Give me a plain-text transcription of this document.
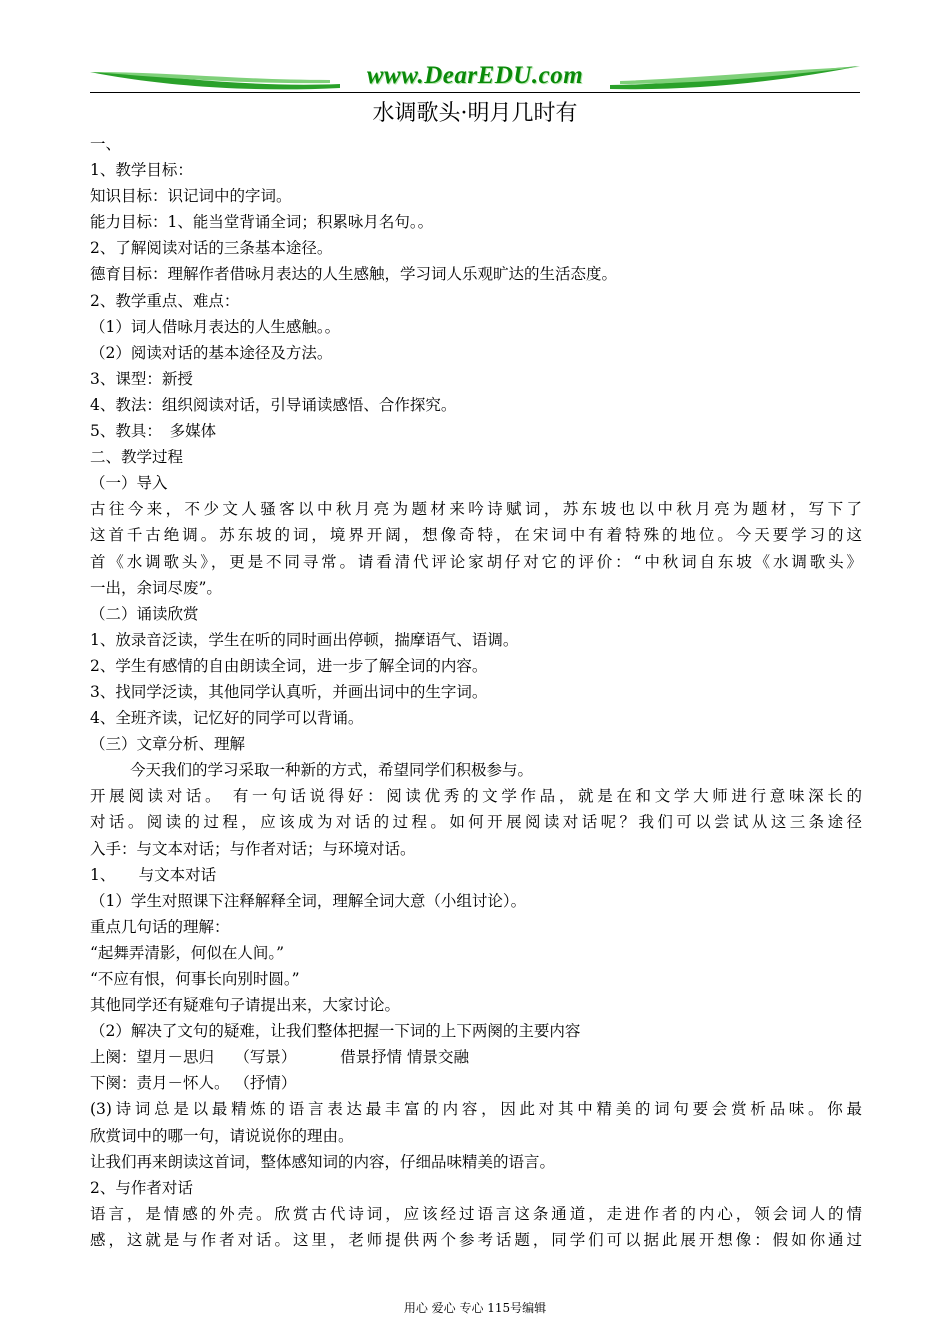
www.DearEDU.com
水调歌头·明月几时有
一、
1、教学目标：
知识目标：识记词中的字词。
能力目标：1、能当堂背诵全词；积累咏月名句。。
2、了解阅读对话的三条基本途径。
德育目标：理解作者借咏月表达的人生感触，学习词人乐观旷达的生活态度。
2、教学重点、难点：
（1）词人借咏月表达的人生感触。。
（2）阅读对话的基本途径及方法。
3、课型：新授
4、教法：组织阅读对话，引导诵读感悟、合作探究。
5、教具：　多媒体
二、教学过程
（一）导入
古往今来，不少文人骚客以中秋月亮为题材来吟诗赋词，苏东坡也以中秋月亮为题材，写下了
这首千古绝调。苏东坡的词，境界开阔，想像奇特，在宋词中有着特殊的地位。今天要学习的这
首《水调歌头》，更是不同寻常。请看清代评论家胡仔对它的评价：“中秋词自东坡《水调歌头》
一出，余词尽废”。
（二）诵读欣赏
1、放录音泛读，学生在听的同时画出停顿，揣摩语气、语调。
2、学生有感情的自由朗读全词，进一步了解全词的内容。
3、找同学泛读，其他同学认真听，并画出词中的生字词。
4、全班齐读，记忆好的同学可以背诵。
（三）文章分析、理解
今天我们的学习采取一种新的方式，希望同学们积极参与。
开展阅读对话。 有一句话说得好：阅读优秀的文学作品，就是在和文学大师进行意味深长的
对话。阅读的过程，应该成为对话的过程。如何开展阅读对话呢？我们可以尝试从这三条途径
入手：与文本对话；与作者对话；与环境对话。
1、　　与文本对话
（1）学生对照课下注释解释全词，理解全词大意（小组讨论）。
重点几句话的理解：
“起舞弄清影，何似在人间。”
“不应有恨，何事长向别时圆。”
其他同学还有疑难句子请提出来，大家讨论。
（2）解决了文句的疑难，让我们整体把握一下词的上下两阕的主要内容
上阕：望月－思归　 （写景）　　　 借景抒情 情景交融
下阕：责月－怀人。 （抒情）
(3)诗词总是以最精炼的语言表达最丰富的内容，因此对其中精美的词句要会赏析品味。你最
欣赏词中的哪一句，请说说你的理由。
让我们再来朗读这首词，整体感知词的内容，仔细品味精美的语言。
2、与作者对话
语言，是情感的外壳。欣赏古代诗词，应该经过语言这条通道，走进作者的内心，领会词人的情
感，这就是与作者对话。这里，老师提供两个参考话题，同学们可以据此展开想像：假如你通过
用心 爱心 专心 115号编辑
